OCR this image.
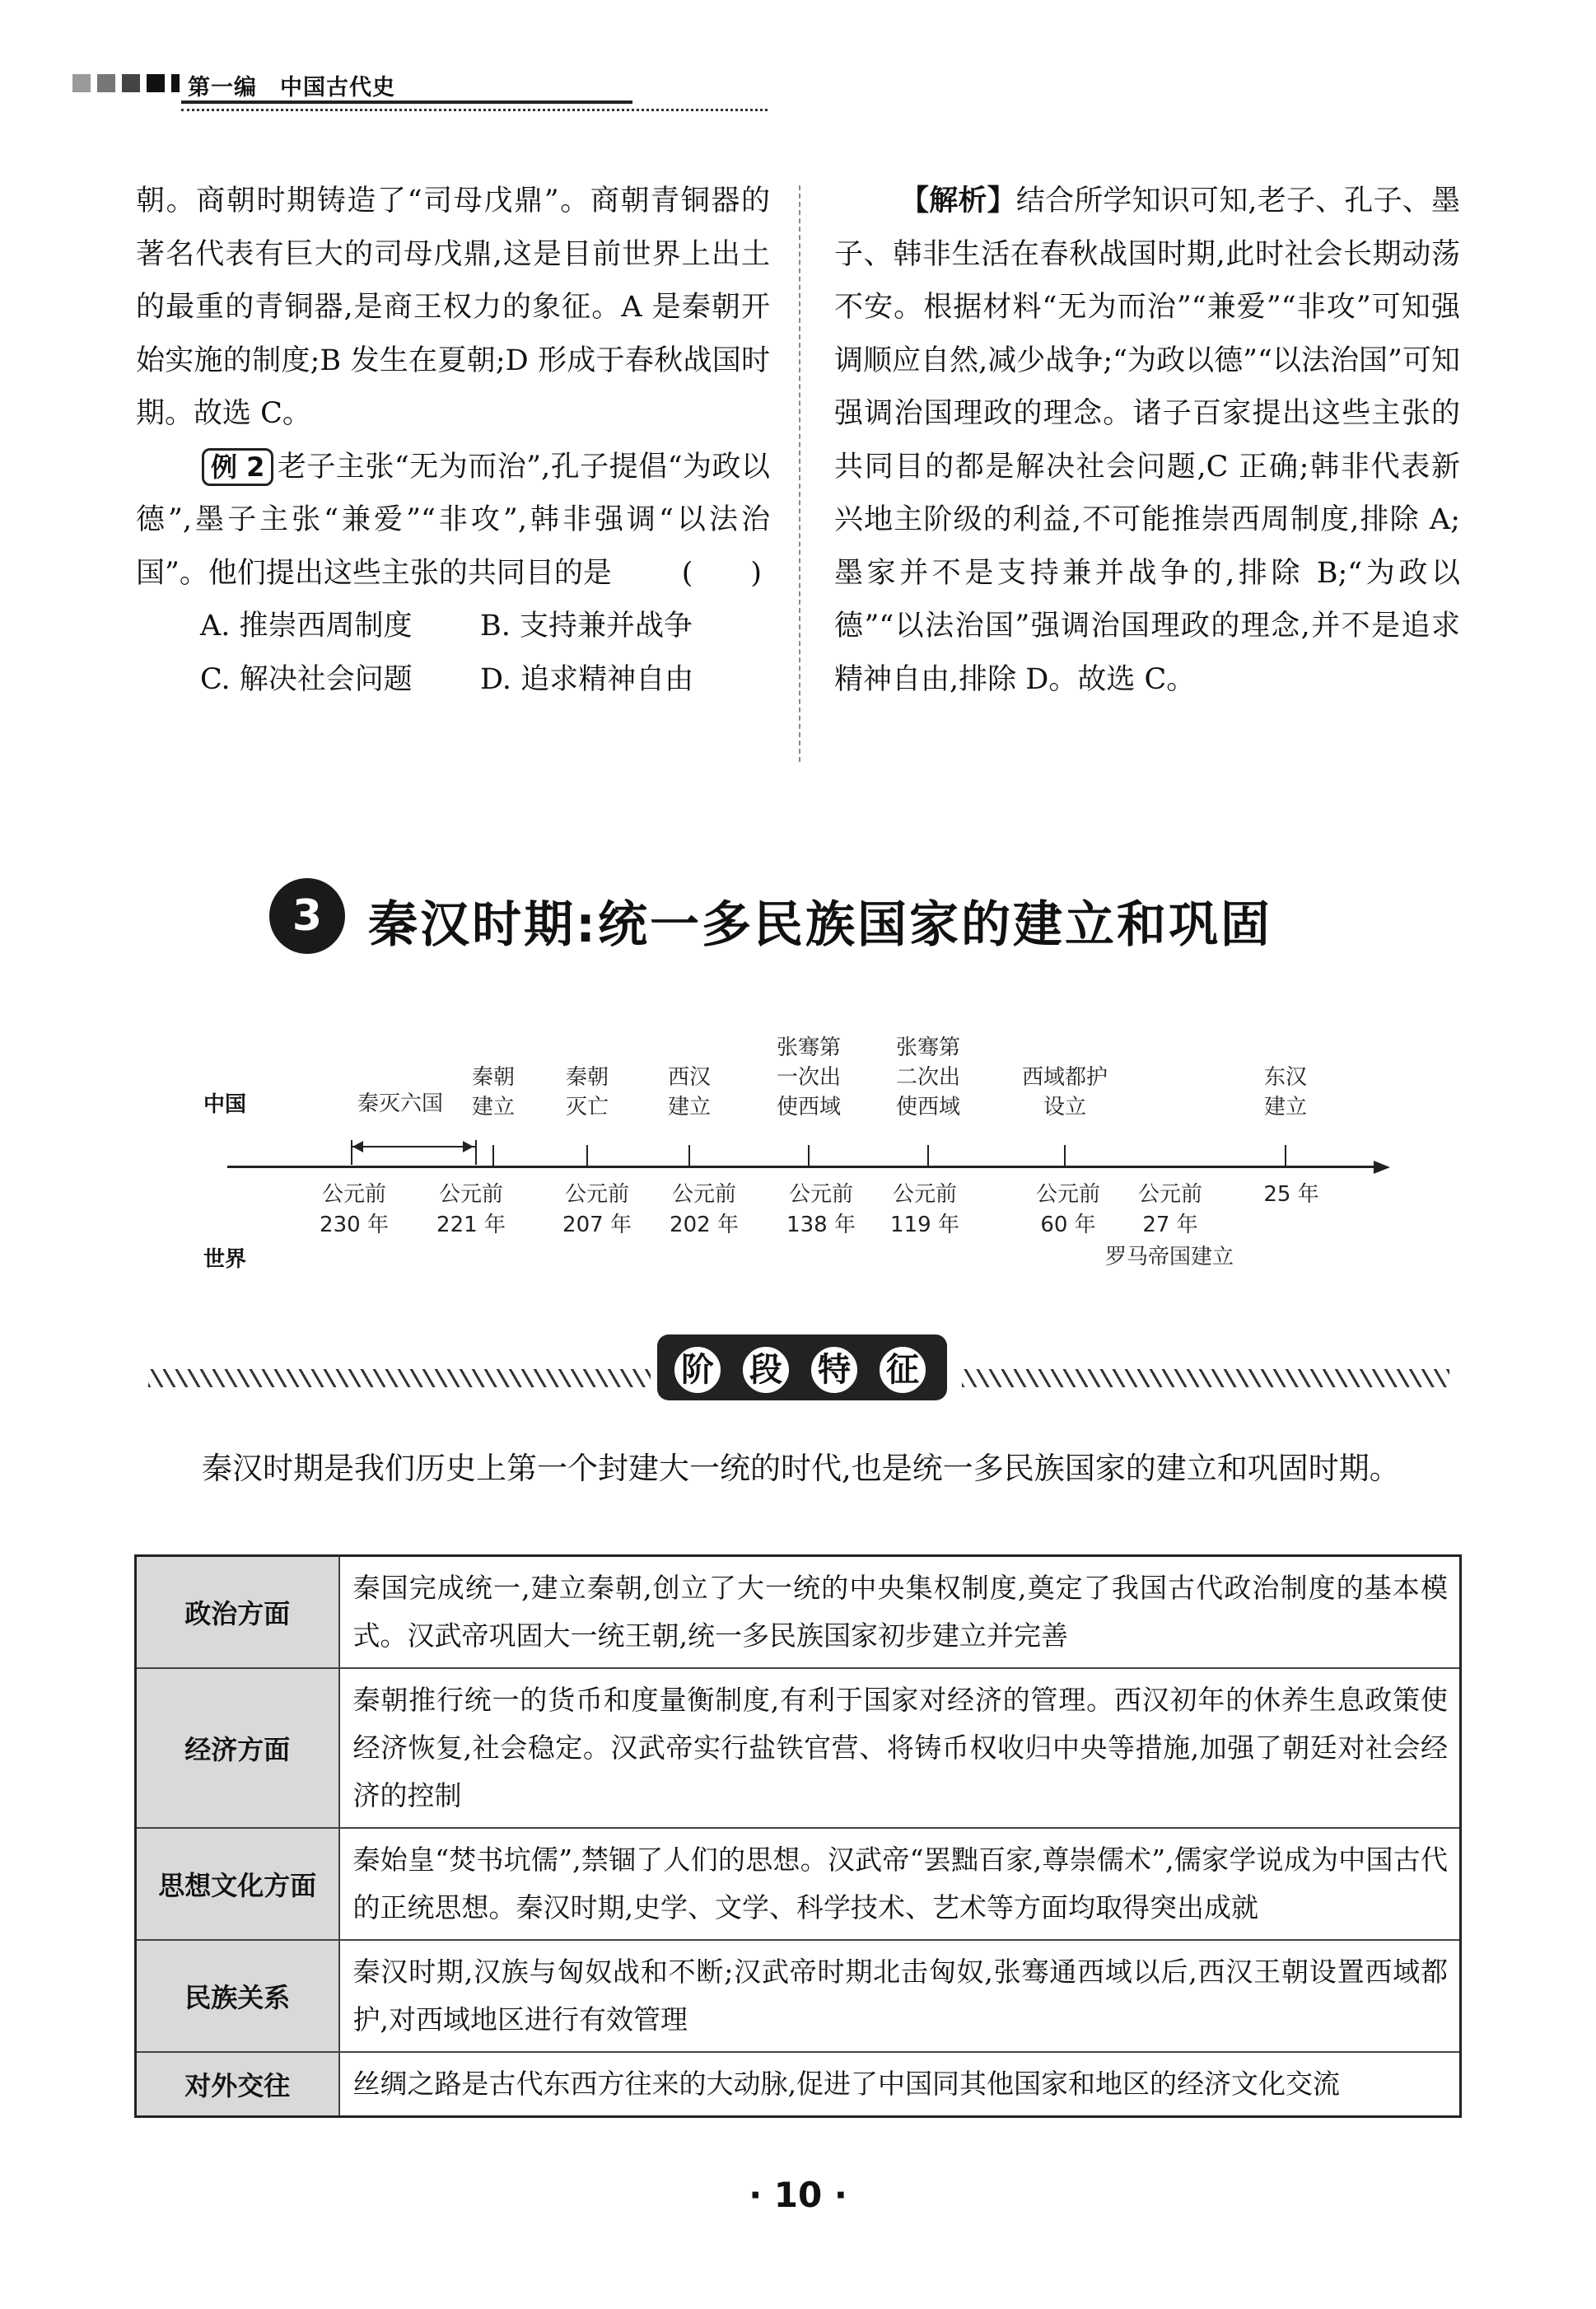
第一编　中国古代史

朝。商朝时期铸造了“司母戊鼎”。商朝青铜器的著名代表有巨大的司母戊鼎,这是目前世界上出土的最重的青铜器,是商王权力的象征。A 是秦朝开始实施的制度;B 发生在夏朝;D 形成于春秋战国时期。故选 C。

例 2 老子主张“无为而治”,孔子提倡“为政以德”,墨子主张“兼爱”“非攻”,韩非强调“以法治国”。他们提出这些主张的共同目的是	(　　)

A. 推崇西周制度	B. 支持兼并战争
C. 解决社会问题	D. 追求精神自由

【解析】结合所学知识可知,老子、孔子、墨子、韩非生活在春秋战国时期,此时社会长期动荡不安。根据材料“无为而治”“兼爱”“非攻”可知强调顺应自然,减少战争;“为政以德”“以法治国”可知强调治国理政的理念。诸子百家提出这些主张的共同目的都是解决社会问题,C 正确;韩非代表新兴地主阶级的利益,不可能推崇西周制度,排除 A;墨家并不是支持兼并战争的,排除 B;“为政以德”“以法治国”强调治国理政的理念,并不是追求精神自由,排除 D。故选 C。

3 秦汉时期:统一多民族国家的建立和巩固
中国
世界
秦灭六国
秦朝
建立
秦朝
灭亡
西汉
建立
张骞第
一次出
使西域
张骞第
二次出
使西域
西域都护
设立
东汉
建立
公元前
230 年
公元前
221 年
公元前
207 年
公元前
202 年
公元前
138 年
公元前
119 年
公元前
60 年
公元前
27 年
25 年
罗马帝国建立
阶 段 特 征
秦汉时期是我们历史上第一个封建大一统的时代,也是统一多民族国家的建立和巩固时期。
政治方面	秦国完成统一,建立秦朝,创立了大一统的中央集权制度,奠定了我国古代政治制度的基本模式。汉武帝巩固大一统王朝,统一多民族国家初步建立并完善
经济方面	秦朝推行统一的货币和度量衡制度,有利于国家对经济的管理。西汉初年的休养生息政策使经济恢复,社会稳定。汉武帝实行盐铁官营、将铸币权收归中央等措施,加强了朝廷对社会经济的控制
思想文化方面	秦始皇“焚书坑儒”,禁锢了人们的思想。汉武帝“罢黜百家,尊崇儒术”,儒家学说成为中国古代的正统思想。秦汉时期,史学、文学、科学技术、艺术等方面均取得突出成就
民族关系	秦汉时期,汉族与匈奴战和不断;汉武帝时期北击匈奴,张骞通西域以后,西汉王朝设置西域都护,对西域地区进行有效管理
对外交往	丝绸之路是古代东西方往来的大动脉,促进了中国同其他国家和地区的经济文化交流
· 10 ·
